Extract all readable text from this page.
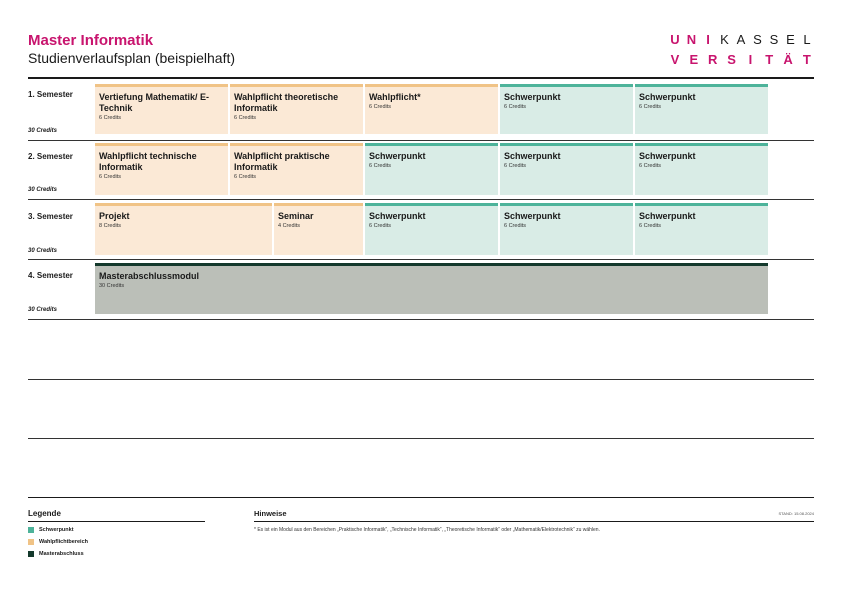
Master Informatik
Studienverlaufsplan (beispielhaft)
U N I K A S S E L
V E R S I	T Ä T
1. Semester
30 Credits
Vertiefung Mathematik/ E-Technik
6 Credits
Wahlpflicht theoretische Informatik
6 Credits
Wahlpflicht*
6 Credits
Schwerpunkt
6 Credits
Schwerpunkt
6 Credits
2. Semester
30 Credits
Wahlpflicht technische Informatik
6 Credits
Wahlpflicht praktische Informatik
6 Credits
Schwerpunkt
6 Credits
Schwerpunkt
6 Credits
Schwerpunkt
6 Credits
3. Semester
30 Credits
Projekt
8 Credits
Seminar
4 Credits
Schwerpunkt
6 Credits
Schwerpunkt
6 Credits
Schwerpunkt
6 Credits
4. Semester
30 Credits
Masterabschlussmodul
30 Credits
Legende
Schwerpunkt
Wahlpflichtbereich
Masterabschluss
Hinweise	STAND: 15.08.2024
* Es ist ein Modul aus den Bereichen „Praktische Informatik“, „Technische Informatik“, „Theoretische Informatik“ oder „Mathematik/Elektrotechnik“ zu wählen.
